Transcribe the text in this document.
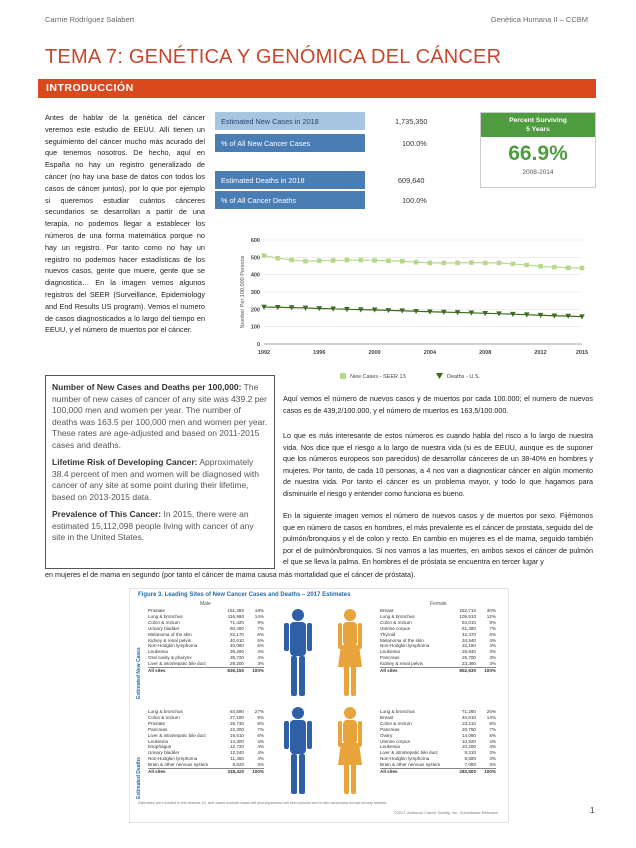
Carme Rodríguez Salabert	Genètica Humana II – CCBM
TEMA 7: GENÉTICA Y GENÓMICA DEL CÁNCER
INTRODUCCIÓN
Antes de hablar de la genética del cáncer veremos este estudio de EEUU. Allí tienen un seguimiento del cáncer mucho más acurado del que tenemos nosotros. De hecho, aquí en España no hay un registro generalizado de cáncer (no hay una base de datos con todos los casos de cáncer juntos), por lo que por ejemplo si queremos estudiar cuántos cánceres secundarios se desarrollan a partir de una terapia, no podemos llegar a establecer los números de una forma matemática porque no hay un registro. Por tanto como no hay un registro no podemos hacer estadísticas de los nuevos casos, gente que muere, gente que se diagnostica… En la imagen vemos algunos registros del SEER (Surveillance, Epidemiology and End Results US program). Vemos el numero de casos diagnosticados a lo largo del tiempo en EEUU, y el número de muertos por el cáncer.
Estimated New Cases in 2018	1,735,350
% of All New Cancer Cases	100.0%
Estimated Deaths in 2018	609,640
% of All Cancer Deaths	100.0%
Percent Surviving
5 Years
66.9%
2008-2014
0
100
200
300
400
500
600
1992	1996	2000	2004	2008	2012	2015
Number Per 100,000 Persons
New Cases - SEER 13	Deaths - U.S.

Number of New Cases and Deaths per 100,000: The number of new cases of cancer of any site was 439.2 per 100,000 men and women per year. The number of deaths was 163.5 per 100,000 men and women per year. These rates are age-adjusted and based on 2011-2015 cases and deaths.

Lifetime Risk of Developing Cancer: Approximately 38.4 percent of men and women will be diagnosed with cancer of any site at some point during their lifetime, based on 2013-2015 data.

Prevalence of This Cancer: In 2015, there were an estimated 15,112,098 people living with cancer of any site in the United States.

Aquí vemos el número de nuevos casos y de muertos por cada 100.000; el numero de nuevos casos es de 439,2/100.000, y el número de muertos es 163,5/100.000.
Lo que es más interesante de estos números es cuando habla del risco a lo largo de nuestra vida. Nos dice que el riesgo a lo largo de nuestra vida (si es de EEUU, aunque es de suponer que los números europeos son parecidos) de desarrollar cánceres de un 38-40% en hombres y mujeres. Por tanto, de cada 10 personas, a 4 nos van a diagnosticar cáncer en algún momento de nuestra vida. Por tanto el cáncer es un problema mayor, y todo lo que hagamos para disminuirle el riesgo y entender como funciona es bueno.
En la siguiente imagen vemos el número de nuevos casos y de muertos por sexo. Fijémonos que en número de casos en hombres, el más prevalente es el cáncer de prostata, seguido del de pulmón/bronquios y el de colon y recto. En cambio en mujeres es el de mama, seguido también por el de pulmón/bronquios. Si nos vamos a las muertes, en ambos sexos el cáncer de pulmón el que se lleva la palma. En hombres el de próstata se encuentra en tercer lugar y
en mujeres el de mama en segundo (por tanto el cáncer de mama causa más mortalidad que el cáncer de próstata).
Figure 3. Leading Sites of New Cancer Cases and Deaths – 2017 Estimates
Male	Female
Estimated New Cases
Estimated Deaths
Prostate	161,360	19%
Lung & bronchus	116,990	14%
Colon & rectum	71,420	9%
Urinary bladder	60,490	7%
Melanoma of the skin	52,170	6%
Kidney & renal pelvis	40,610	5%
Non-Hodgkin lymphoma	40,080	5%
Leukemia	36,290	4%
Oral cavity & pharynx	35,720	4%
Liver & intrahepatic bile duct	29,200	3%
All sites	836,150	100%
Breast	252,710	30%
Lung & bronchus	105,510	12%
Colon & rectum	64,010	8%
Uterine corpus	61,380	7%
Thyroid	42,470	5%
Melanoma of the skin	34,940	4%
Non-Hodgkin lymphoma	32,160	4%
Leukemia	25,840	3%
Pancreas	25,700	3%
Kidney & renal pelvis	23,380	3%
All sites	852,630	100%
Lung & bronchus	84,590	27%
Colon & rectum	27,150	9%
Prostate	26,730	8%
Pancreas	22,300	7%
Liver & intrahepatic bile duct	19,610	6%
Leukemia	14,300	4%
Esophagus	12,720	4%
Urinary bladder	12,240	4%
Non-Hodgkin lymphoma	11,450	4%
Brain & other nervous system	9,620	3%
All sites	318,420	100%
Lung & bronchus	71,280	25%
Breast	40,610	14%
Colon & rectum	23,110	8%
Pancreas	20,790	7%
Ovary	14,080	5%
Uterine corpus	10,920	4%
Leukemia	10,200	4%
Liver & intrahepatic bile duct	9,310	3%
Non-Hodgkin lymphoma	8,690	3%
Brain & other nervous system	7,080	3%
All sites	282,500	100%
Estimates are rounded to the nearest 10, and cases exclude basal cell and squamous cell skin cancers and in situ carcinoma except urinary bladder.
©2017, American Cancer Society, Inc., Surveillance Research	1
